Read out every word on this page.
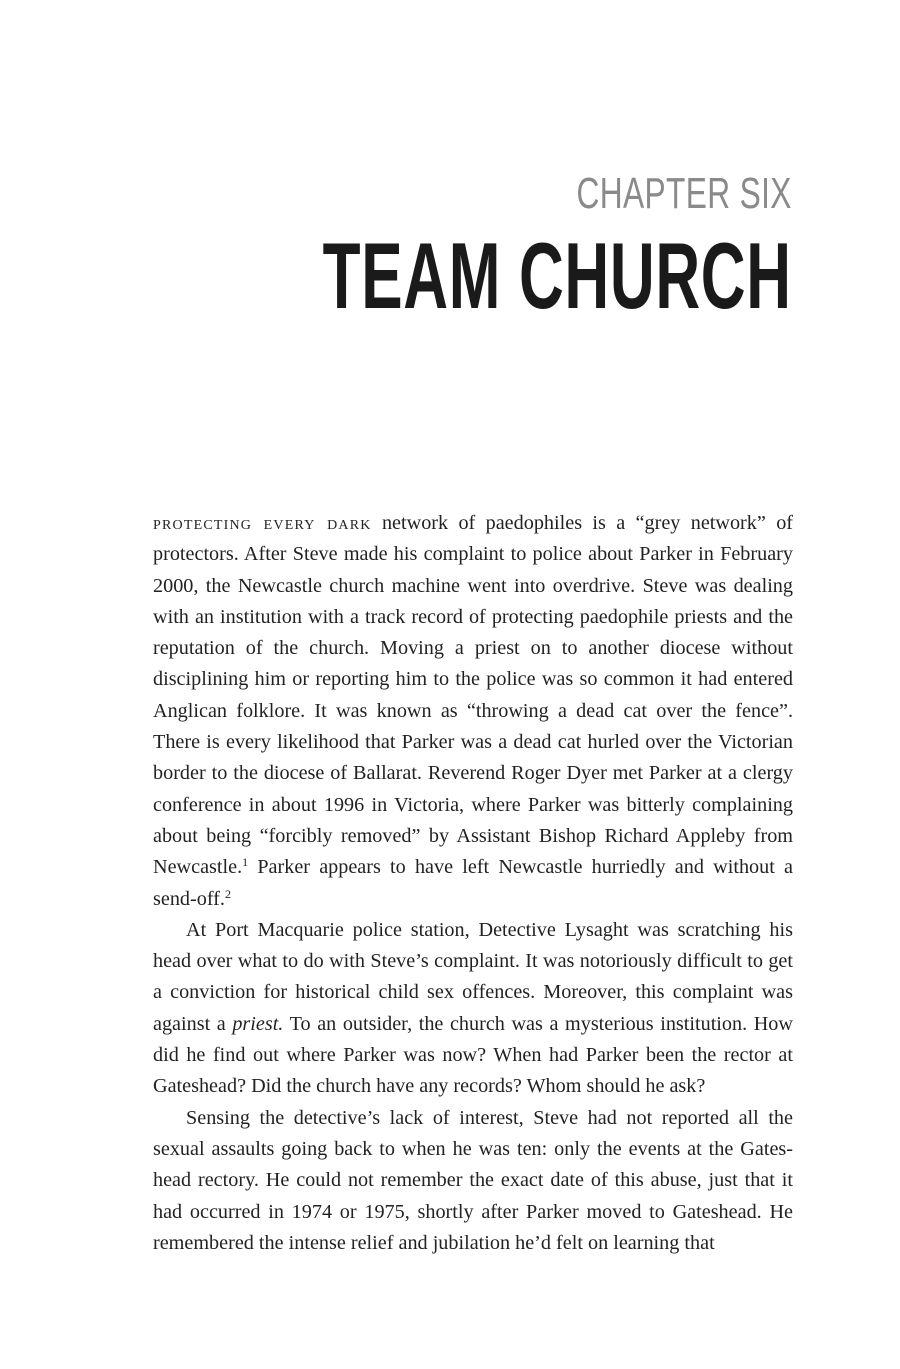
CHAPTER SIX
TEAM CHURCH

protecting every dark network of paedophiles is a “grey network” of protectors. After Steve made his complaint to police about Parker in February 2000, the Newcastle church machine went into overdrive. Steve was dealing with an institution with a track record of protecting paedophile priests and the reputation of the church. Moving a priest on to another diocese without disciplining him or reporting him to the police was so common it had entered Anglican folklore. It was known as “throwing a dead cat over the fence”. There is every likelihood that Parker was a dead cat hurled over the Victorian border to the diocese of Ballarat. Reverend Roger Dyer met Parker at a clergy conference in about 1996 in Victoria, where Parker was bitterly complaining about being “forcibly removed” by Assistant Bishop Richard Appleby from Newcastle.$^1$ Parker appears to have left Newcastle hurriedly and without a send-off.$^2$

At Port Macquarie police station, Detective Lysaght was scratching his head over what to do with Steve’s complaint. It was notoriously difficult to get a conviction for historical child sex offences. Moreover, this complaint was against a priest. To an outsider, the church was a mysterious institution. How did he find out where Parker was now? When had Parker been the rector at Gateshead? Did the church have any records? Whom should he ask?

Sensing the detective’s lack of interest, Steve had not reported all the sexual assaults going back to when he was ten: only the events at the Gateshead rectory. He could not remember the exact date of this abuse, just that it had occurred in 1974 or 1975, shortly after Parker moved to Gateshead. He remembered the intense relief and jubilation he’d felt on learning that
